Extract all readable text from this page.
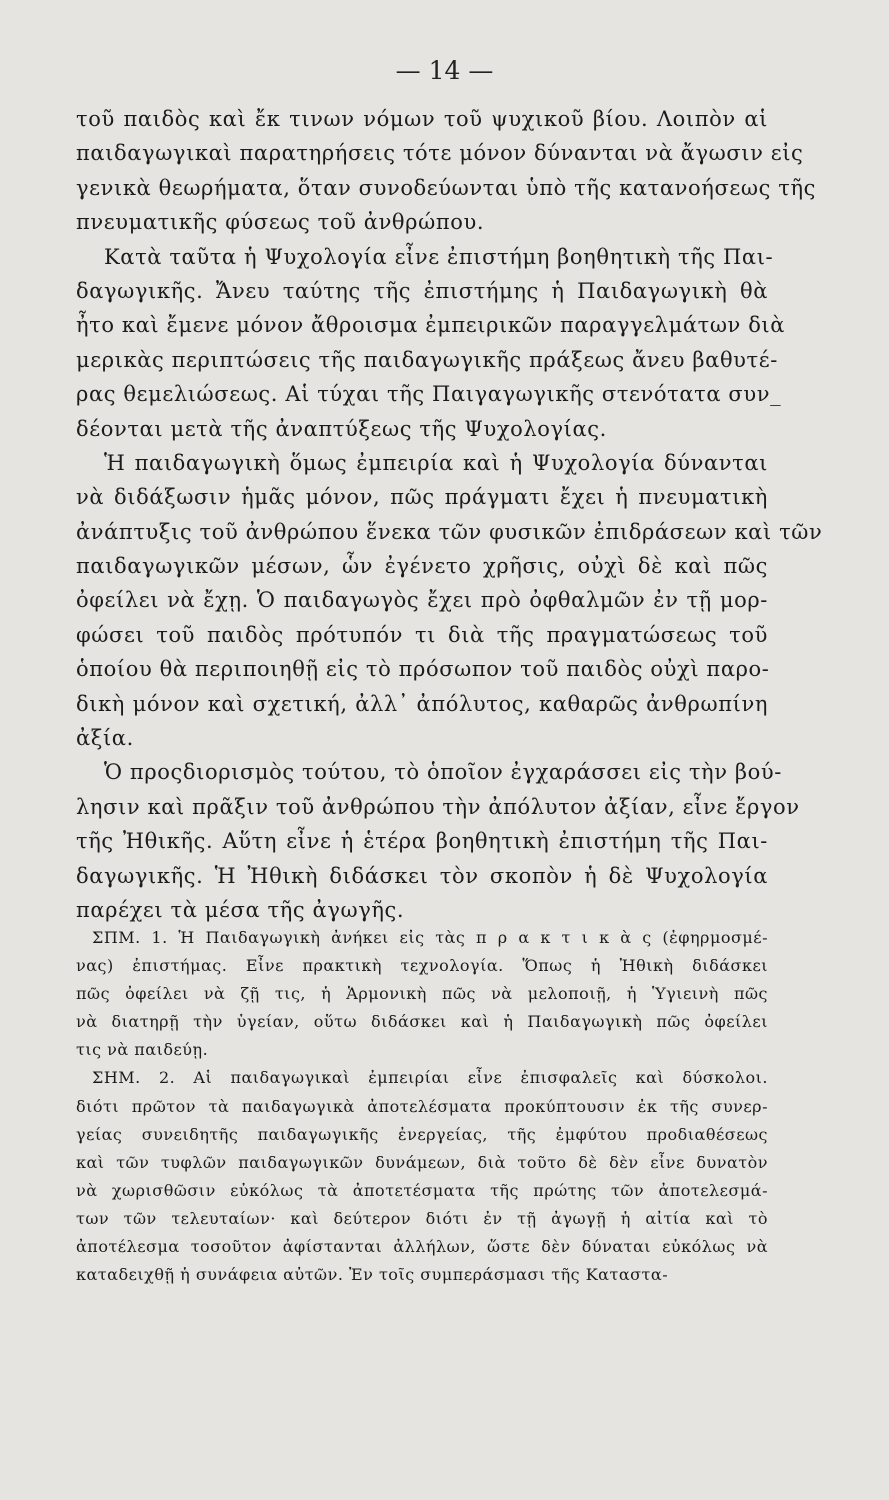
— 14 —
τοῦ παιδὸς καὶ ἔκ τινων νόμων τοῦ ψυχικοῦ βίου. Λοιπὸν αἱ
παιδαγωγικαὶ παρατηρήσεις τότε μόνον δύνανται νὰ ἄγωσιν εἰς
γενικὰ θεωρήματα, ὅταν συνοδεύωνται ὑπὸ τῆς κατανοήσεως τῆς
πνευματικῆς φύσεως τοῦ ἀνθρώπου.
Κατὰ ταῦτα ἡ Ψυχολογία εἶνε ἐπιστήμη βοηθητικὴ τῆς Παι-
δαγωγικῆς. Ἄνευ ταύτης τῆς ἐπιστήμης ἡ Παιδαγωγικὴ θὰ
ἦτο καὶ ἔμενε μόνον ἄθροισμα ἐμπειρικῶν παραγγελμάτων διὰ
μερικὰς περιπτώσεις τῆς παιδαγωγικῆς πράξεως ἄνευ βαθυτέ-
ρας θεμελιώσεως. Αἱ τύχαι τῆς Παιγαγωγικῆς στενότατα συν_
δέονται μετὰ τῆς ἀναπτύξεως τῆς Ψυχολογίας.
Ἡ παιδαγωγικὴ ὅμως ἐμπειρία καὶ ἡ Ψυχολογία δύνανται
νὰ διδάξωσιν ἡμᾶς μόνον, πῶς πράγματι ἔχει ἡ πνευματικὴ
ἀνάπτυξις τοῦ ἀνθρώπου ἕνεκα τῶν φυσικῶν ἐπιδράσεων καὶ τῶν
παιδαγωγικῶν μέσων, ὧν ἐγένετο χρῆσις, οὐχὶ δὲ καὶ πῶς
ὀφείλει νὰ ἔχῃ. Ὁ παιδαγωγὸς ἔχει πρὸ ὀφθαλμῶν ἐν τῇ μορ-
φώσει τοῦ παιδὸς πρότυπόν τι διὰ τῆς πραγματώσεως τοῦ
ὁποίου θὰ περιποιηθῇ εἰς τὸ πρόσωπον τοῦ παιδὸς οὐχὶ παρο-
δικὴ μόνον καὶ σχετική, ἀλλ᾿ ἀπόλυτος, καθαρῶς ἀνθρωπίνη
ἀξία.
Ὁ προςδιορισμὸς τούτου, τὸ ὁποῖον ἐγχαράσσει εἰς τὴν βού-
λησιν καὶ πρᾶξιν τοῦ ἀνθρώπου τὴν ἀπόλυτον ἀξίαν, εἶνε ἔργον
τῆς Ἠθικῆς. Αὕτη εἶνε ἡ ἑτέρα βοηθητικὴ ἐπιστήμη τῆς Παι-
δαγωγικῆς. Ἡ Ἠθικὴ διδάσκει τὸν σκοπὸν ἡ δὲ Ψυχολογία
παρέχει τὰ μέσα τῆς ἀγωγῆς.
ΣΠΜ. 1. Ἡ Παιδαγωγικὴ ἀνήκει εἰς τὰς π ρ α κ τ ι κ ὰ ς (ἐφηρμοσμέ-
νας) ἐπιστήμας. Εἶνε πρακτικὴ τεχνολογία. Ὅπως ἡ Ἠθικὴ διδάσκει
πῶς ὀφείλει νὰ ζῇ τις, ἡ Ἁρμονικὴ πῶς νὰ μελοποιῇ, ἡ Ὑγιεινὴ πῶς
νὰ διατηρῇ τὴν ὑγείαν, οὕτω διδάσκει καὶ ἡ Παιδαγωγικὴ πῶς ὀφείλει
τις νὰ παιδεύῃ.
ΣΗΜ. 2. Αἱ παιδαγωγικαὶ ἐμπειρίαι εἶνε ἐπισφαλεῖς καὶ δύσκολοι.
διότι πρῶτον τὰ παιδαγωγικὰ ἀποτελέσματα προκύπτουσιν ἐκ τῆς συνερ-
γείας συνειδητῆς παιδαγωγικῆς ἐνεργείας, τῆς ἐμφύτου προδιαθέσεως
καὶ τῶν τυφλῶν παιδαγωγικῶν δυνάμεων, διὰ τοῦτο δὲ δὲν εἶνε δυνατὸν
νὰ χωρισθῶσιν εὐκόλως τὰ ἀποτετέσματα τῆς πρώτης τῶν ἀποτελεσμά-
των τῶν τελευταίων· καὶ δεύτερον διότι ἐν τῇ ἀγωγῇ ἡ αἰτία καὶ τὸ
ἀποτέλεσμα τοσοῦτον ἀφίστανται ἀλλήλων, ὥστε δὲν δύναται εὐκόλως νὰ
καταδειχθῇ ἡ συνάφεια αὐτῶν. Ἐν τοῖς συμπεράσμασι τῆς Καταστα-
